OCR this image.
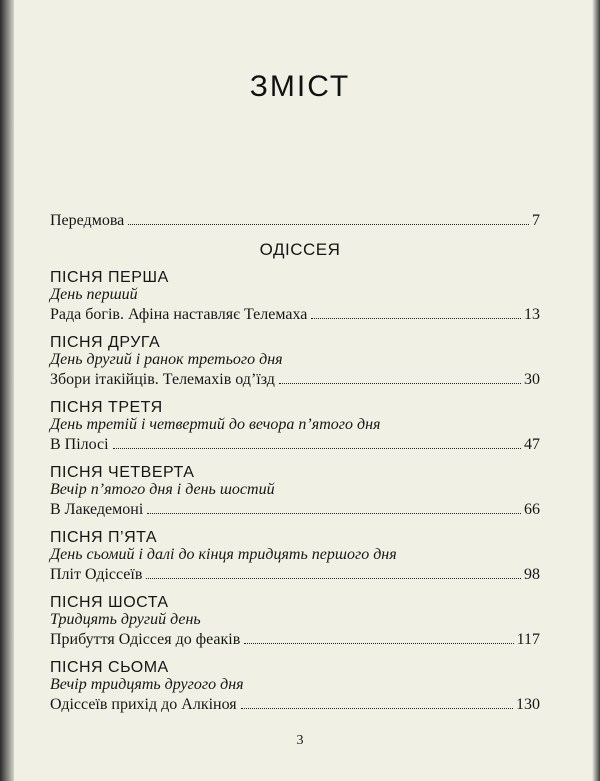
ЗМІСТ
Передмова	7
ОДІССЕЯ
ПІСНЯ ПЕРША
День перший
Рада богів. Афіна наставляє Телемаха	13
ПІСНЯ ДРУГА
День другий і ранок третього дня
Збори ітакійців. Телемахів од’їзд	30
ПІСНЯ ТРЕТЯ
День третій і четвертий до вечора п’ятого дня
В Пілосі	47
ПІСНЯ ЧЕТВЕРТА
Вечір п’ятого дня і день шостий
В Лакедемоні	66
ПІСНЯ П’ЯТА
День сьомий і далі до кінця тридцять першого дня
Пліт Одіссеїв	98
ПІСНЯ ШОСТА
Тридцять другий день
Прибуття Одіссея до феаків	117
ПІСНЯ СЬОМА
Вечір тридцять другого дня
Одіссеїв прихід до Алкіноя	130
3
